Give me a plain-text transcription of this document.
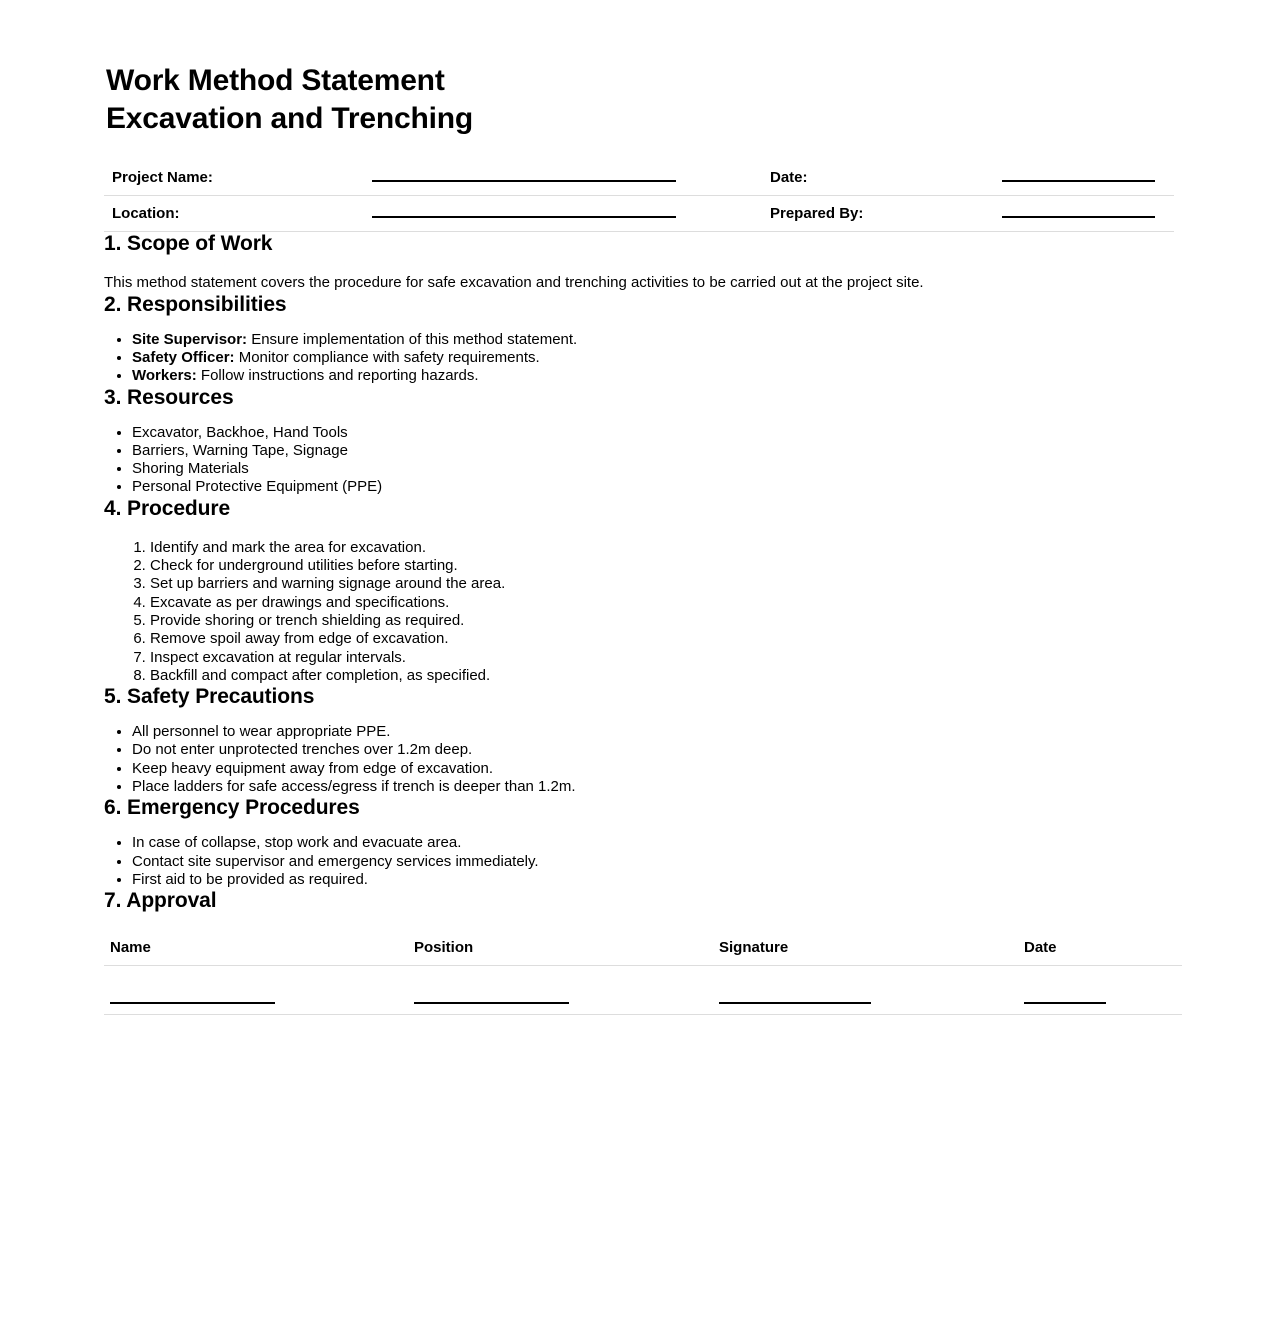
Work Method Statement
Excavation and Trenching
Project Name:		Date:	
Location:		Prepared By:	
1. Scope of Work

This method statement covers the procedure for safe excavation and trenching activities to be carried out at the project site.

2. Responsibilities
• Site Supervisor: Ensure implementation of this method statement.
• Safety Officer: Monitor compliance with safety requirements.
• Workers: Follow instructions and reporting hazards.
3. Resources
• Excavator, Backhoe, Hand Tools
• Barriers, Warning Tape, Signage
• Shoring Materials
• Personal Protective Equipment (PPE)
4. Procedure
1. Identify and mark the area for excavation.
2. Check for underground utilities before starting.
3. Set up barriers and warning signage around the area.
4. Excavate as per drawings and specifications.
5. Provide shoring or trench shielding as required.
6. Remove spoil away from edge of excavation.
7. Inspect excavation at regular intervals.
8. Backfill and compact after completion, as specified.
5. Safety Precautions
• All personnel to wear appropriate PPE.
• Do not enter unprotected trenches over 1.2m deep.
• Keep heavy equipment away from edge of excavation.
• Place ladders for safe access/egress if trench is deeper than 1.2m.
6. Emergency Procedures
• In case of collapse, stop work and evacuate area.
• Contact site supervisor and emergency services immediately.
• First aid to be provided as required.
7. Approval
Name	Position	Signature	Date
